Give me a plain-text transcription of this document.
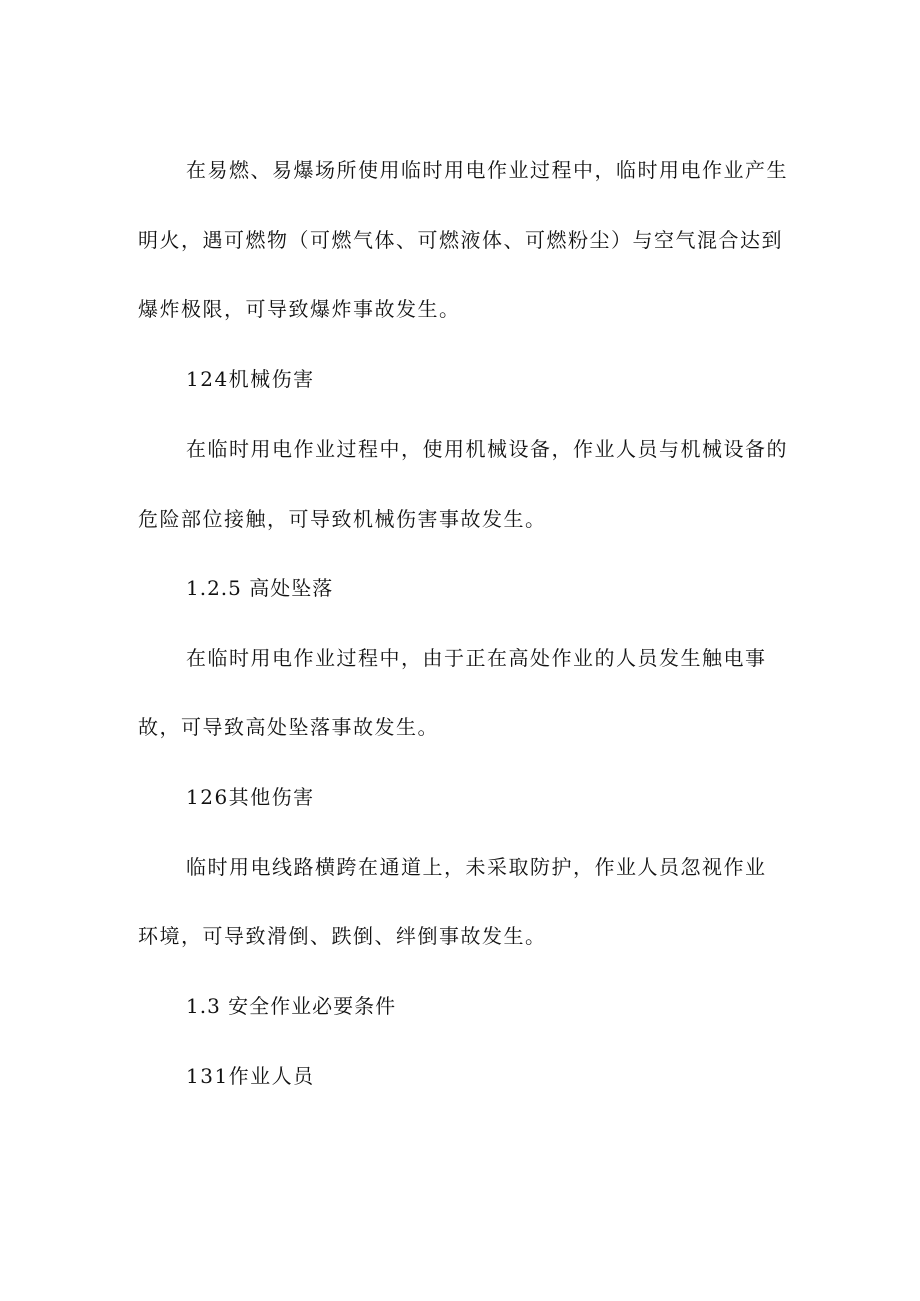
在易燃、易爆场所使用临时用电作业过程中，临时用电作业产生
明火，遇可燃物（可燃气体、可燃液体、可燃粉尘）与空气混合达到
爆炸极限，可导致爆炸事故发生。
124机械伤害
在临时用电作业过程中，使用机械设备，作业人员与机械设备的
危险部位接触，可导致机械伤害事故发生。
1.2.5 高处坠落
在临时用电作业过程中，由于正在高处作业的人员发生触电事
故，可导致高处坠落事故发生。
126其他伤害
临时用电线路横跨在通道上，未采取防护，作业人员忽视作业
环境，可导致滑倒、跌倒、绊倒事故发生。
1.3 安全作业必要条件
131作业人员
